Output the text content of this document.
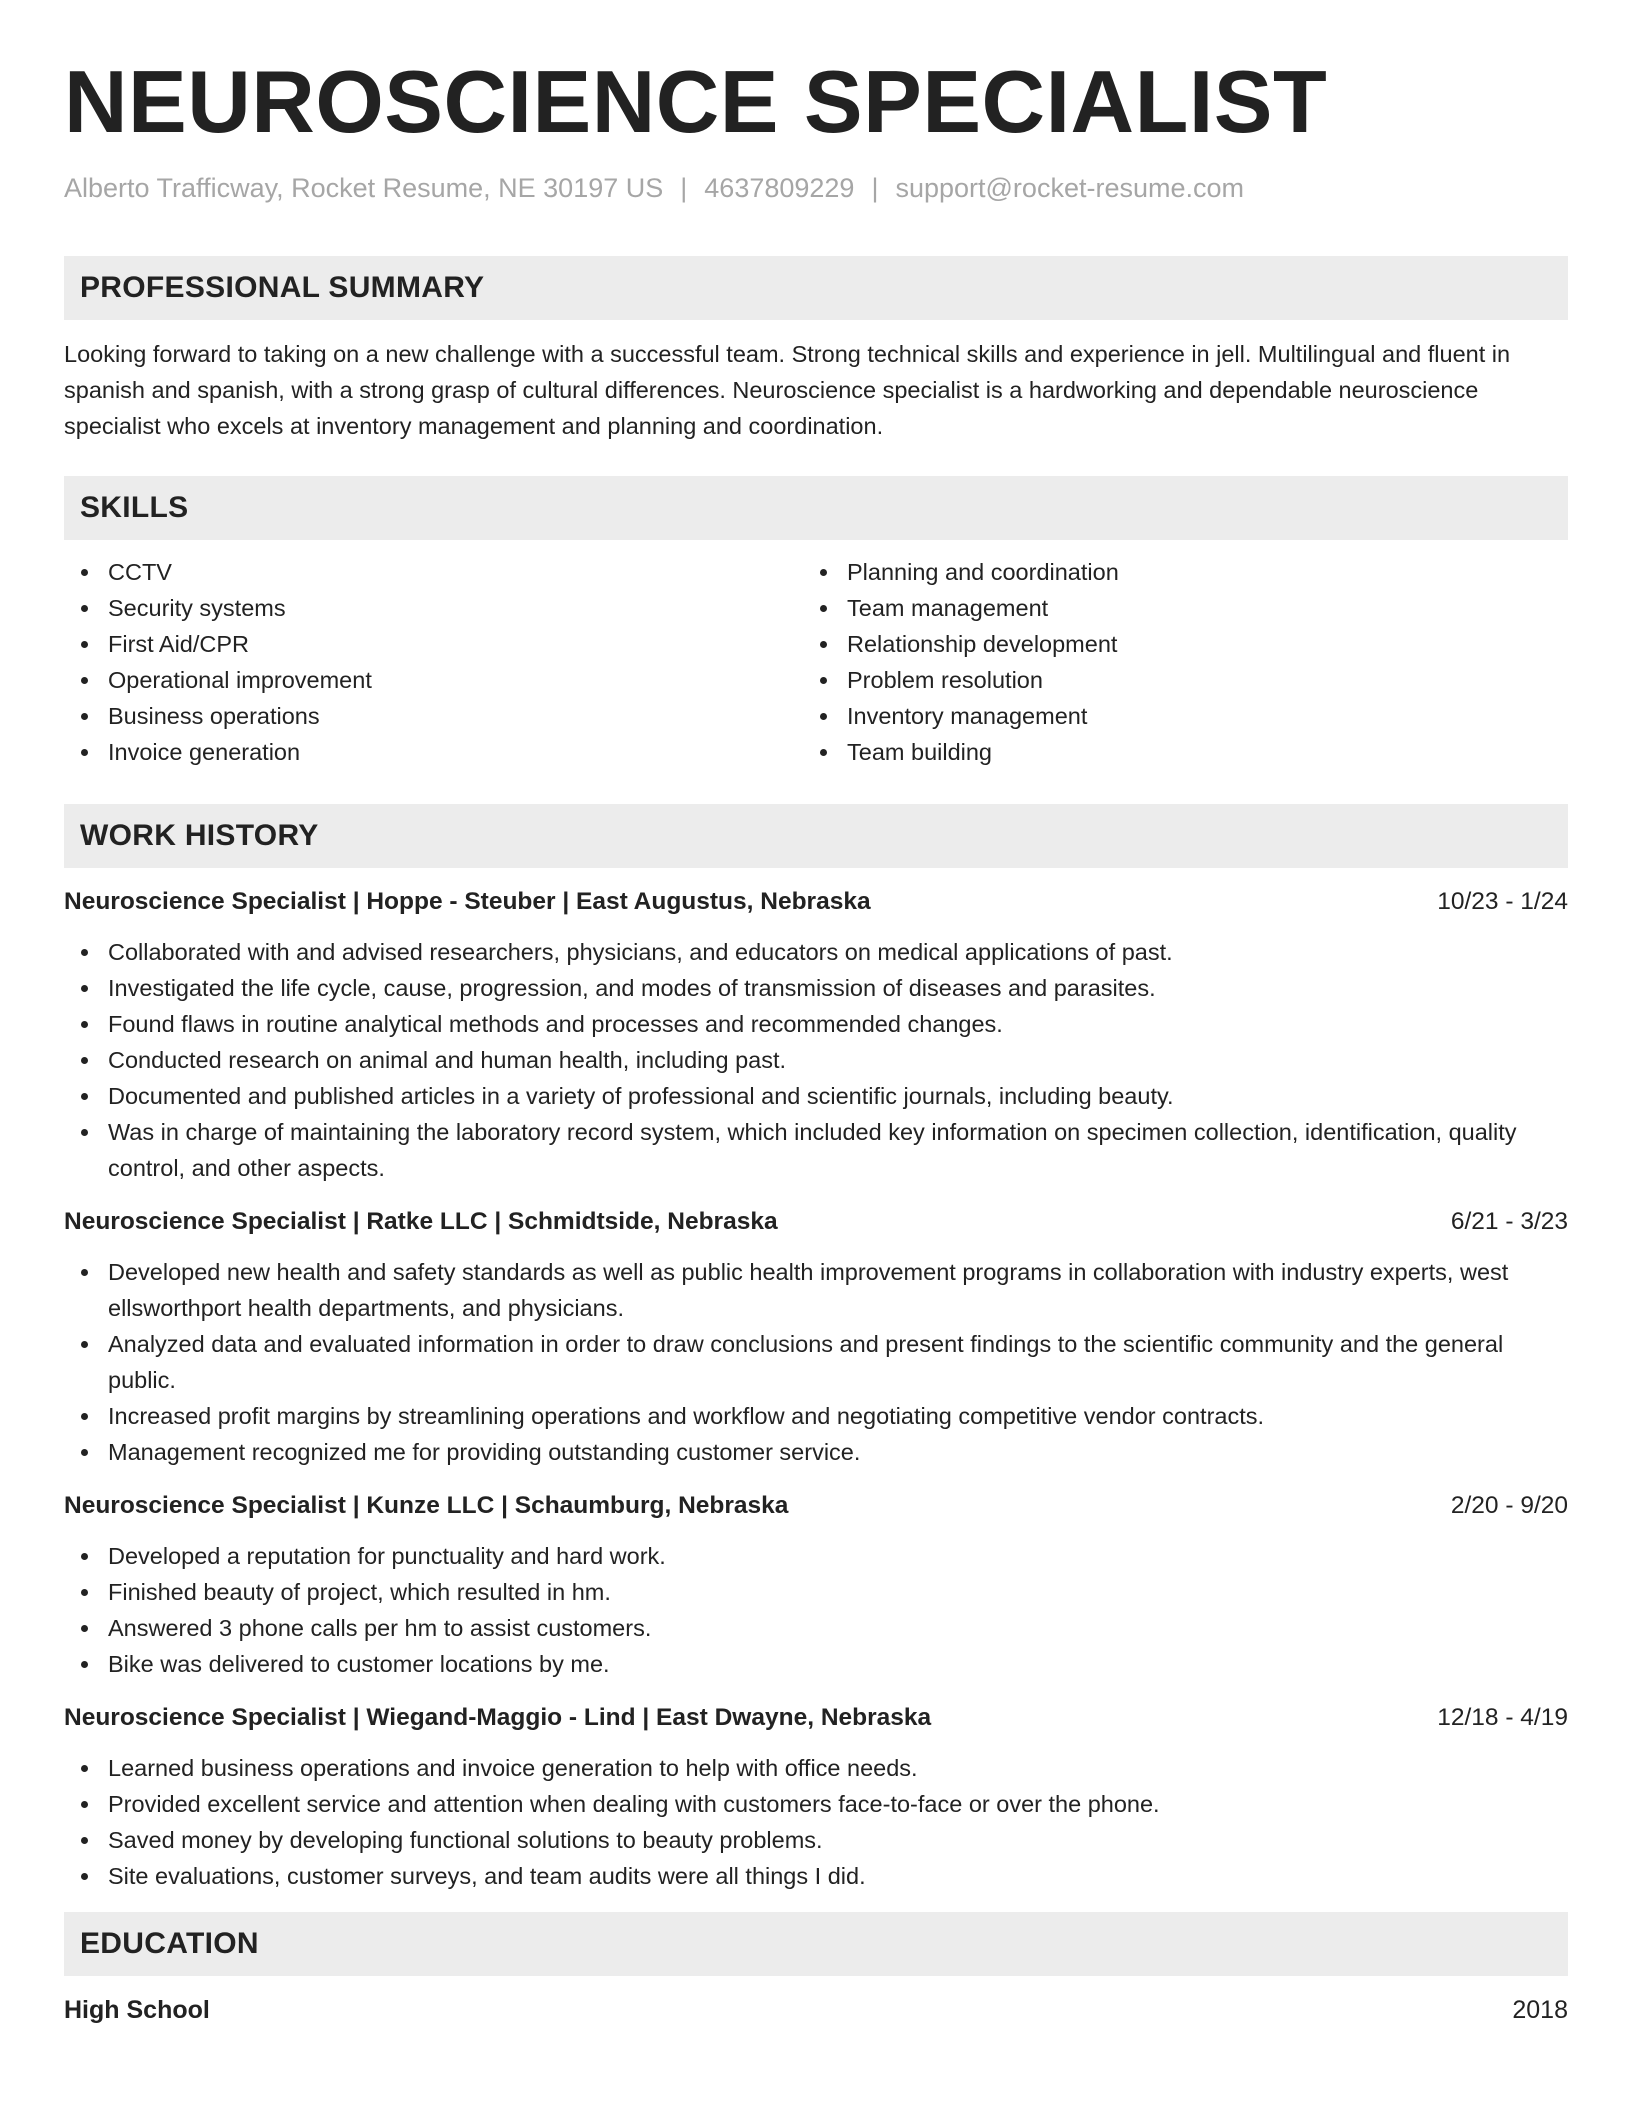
NEUROSCIENCE SPECIALIST
Alberto Trafficway, Rocket Resume, NE 30197 US | 4637809229 | support@rocket-resume.com
PROFESSIONAL SUMMARY

Looking forward to taking on a new challenge with a successful team. Strong technical skills and experience in jell. Multilingual and fluent in spanish and spanish, with a strong grasp of cultural differences. Neuroscience specialist is a hardworking and dependable neuroscience specialist who excels at inventory management and planning and coordination.

SKILLS
CCTV
Security systems
First Aid/CPR
Operational improvement
Business operations
Invoice generation
Planning and coordination
Team management
Relationship development
Problem resolution
Inventory management
Team building
WORK HISTORY
Neuroscience Specialist | Hoppe - Steuber | East Augustus, Nebraska	10/23 - 1/24
Collaborated with and advised researchers, physicians, and educators on medical applications of past.
Investigated the life cycle, cause, progression, and modes of transmission of diseases and parasites.
Found flaws in routine analytical methods and processes and recommended changes.
Conducted research on animal and human health, including past.
Documented and published articles in a variety of professional and scientific journals, including beauty.
Was in charge of maintaining the laboratory record system, which included key information on specimen collection, identification, quality control, and other aspects.
Neuroscience Specialist | Ratke LLC | Schmidtside, Nebraska	6/21 - 3/23
Developed new health and safety standards as well as public health improvement programs in collaboration with industry experts, west ellsworthport health departments, and physicians.
Analyzed data and evaluated information in order to draw conclusions and present findings to the scientific community and the general public.
Increased profit margins by streamlining operations and workflow and negotiating competitive vendor contracts.
Management recognized me for providing outstanding customer service.
Neuroscience Specialist | Kunze LLC | Schaumburg, Nebraska	2/20 - 9/20
Developed a reputation for punctuality and hard work.
Finished beauty of project, which resulted in hm.
Answered 3 phone calls per hm to assist customers.
Bike was delivered to customer locations by me.
Neuroscience Specialist | Wiegand-Maggio - Lind | East Dwayne, Nebraska	12/18 - 4/19
Learned business operations and invoice generation to help with office needs.
Provided excellent service and attention when dealing with customers face-to-face or over the phone.
Saved money by developing functional solutions to beauty problems.
Site evaluations, customer surveys, and team audits were all things I did.
EDUCATION
High School	2018
